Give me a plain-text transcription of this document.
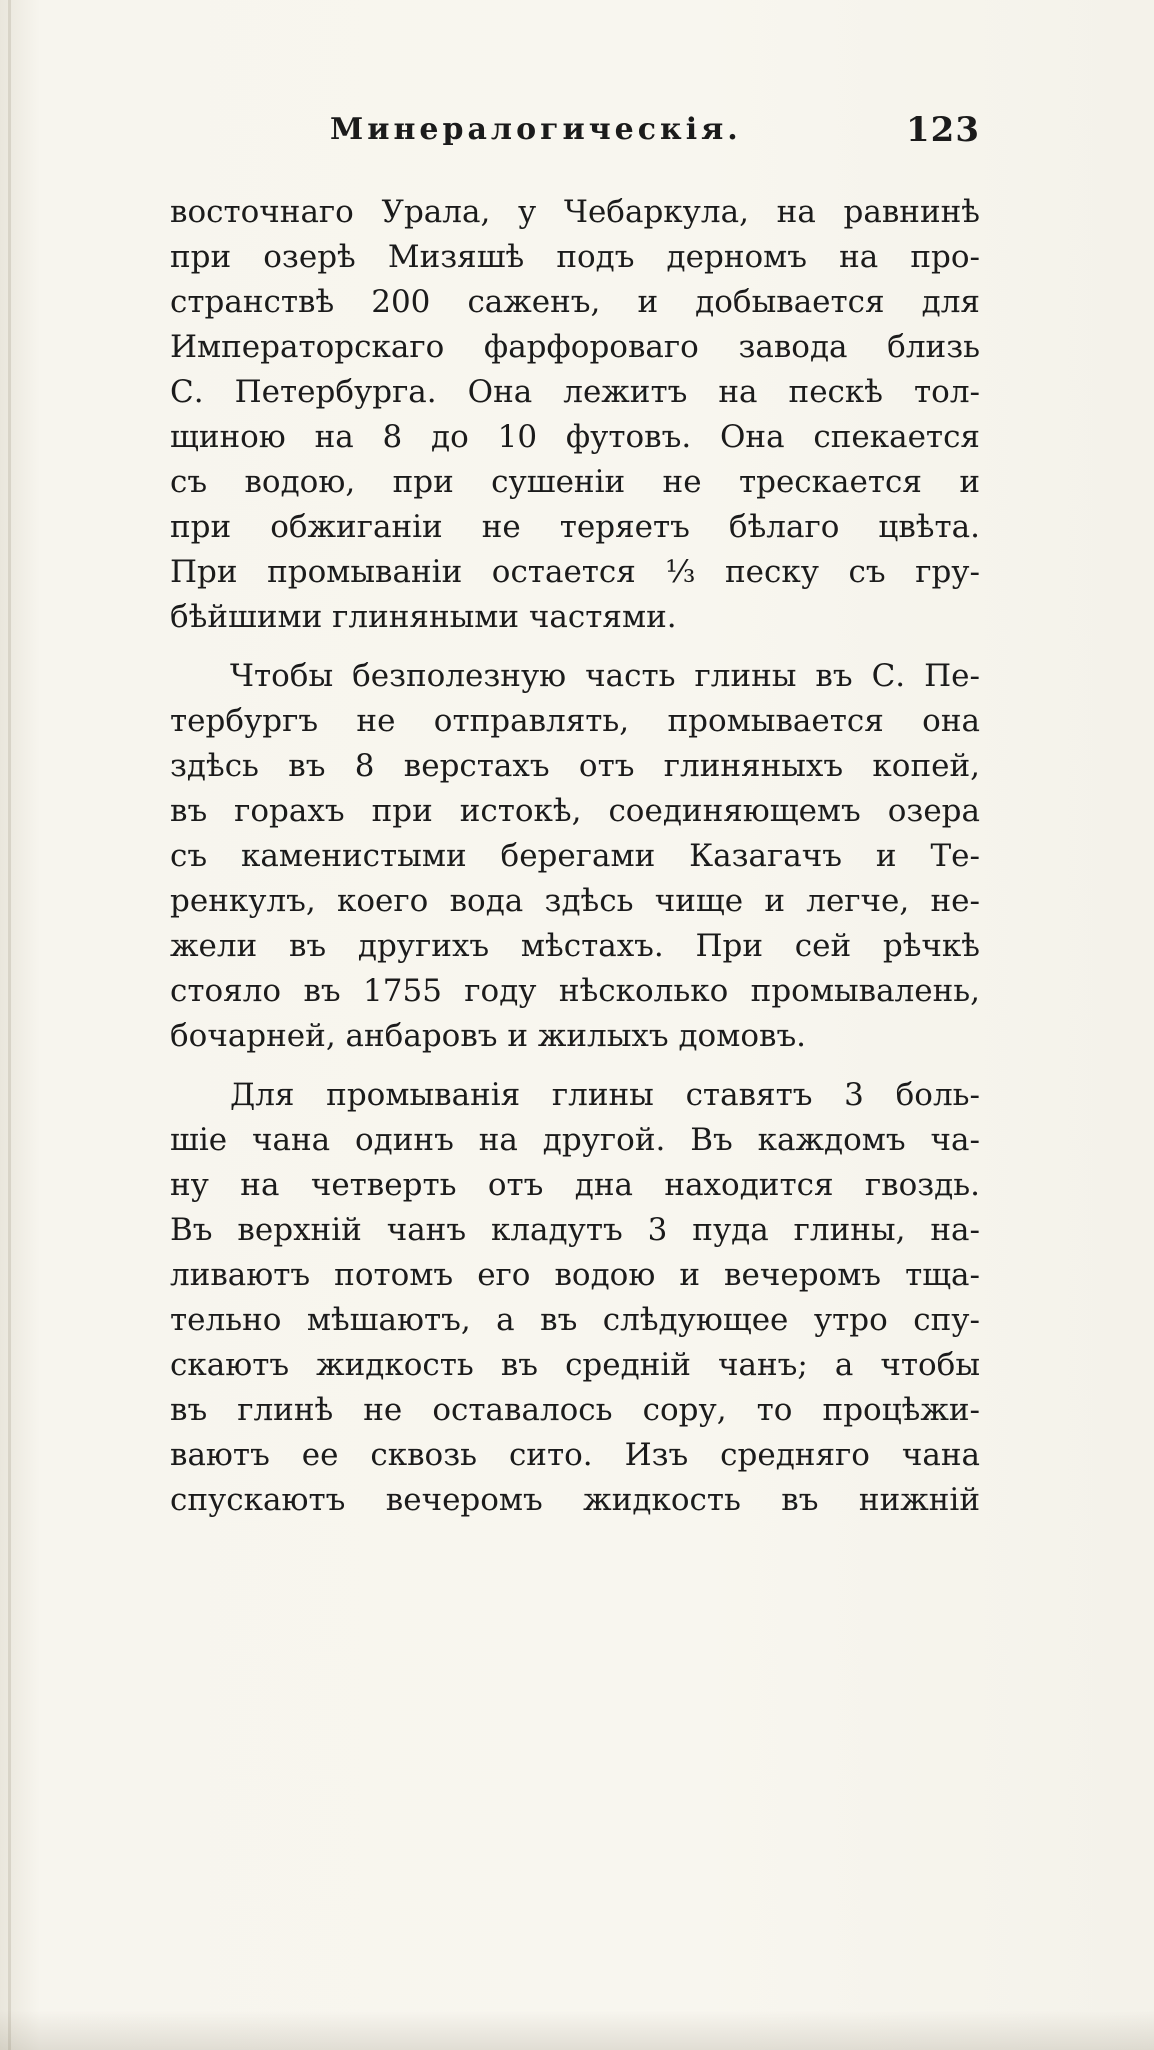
Минералогическія.	123
восточнаго Урала, у Чебаркула, на равнинѣ
при озерѣ Мизяшѣ подъ дерномъ на про-
странствѣ 200 саженъ, и добывается для
Императорскаго фарфороваго завода близь
С. Петербурга. Она лежитъ на пескѣ тол-
щиною на 8 до 10 футовъ. Она спекается
съ водою, при сушеніи не трескается и
при обжиганіи не теряетъ бѣлаго цвѣта.
При промываніи остается ⅓ песку съ гру-
бѣйшими глиняными частями.
Чтобы безполезную часть глины въ С. Пе-
тербургъ не отправлять, промывается она
здѣсь въ 8 верстахъ отъ глиняныхъ копей,
въ горахъ при истокѣ, соединяющемъ озера
съ каменистыми берегами Казагачъ и Те-
ренкулъ, коего вода здѣсь чище и легче, не-
жели въ другихъ мѣстахъ. При сей рѣчкѣ
стояло въ 1755 году нѣсколько промывалень,
бочарней, анбаровъ и жилыхъ домовъ.
Для промыванія глины ставятъ 3 боль-
шіе чана одинъ на другой. Въ каждомъ ча-
ну на четверть отъ дна находится гвоздь.
Въ верхній чанъ кладутъ 3 пуда глины, на-
ливаютъ потомъ его водою и вечеромъ тща-
тельно мѣшаютъ, а въ слѣдующее утро спу-
скаютъ жидкость въ средній чанъ; а чтобы
въ глинѣ не оставалось сору, то процѣжи-
ваютъ ее сквозь сито. Изъ средняго чана
спускаютъ вечеромъ жидкость въ нижній
